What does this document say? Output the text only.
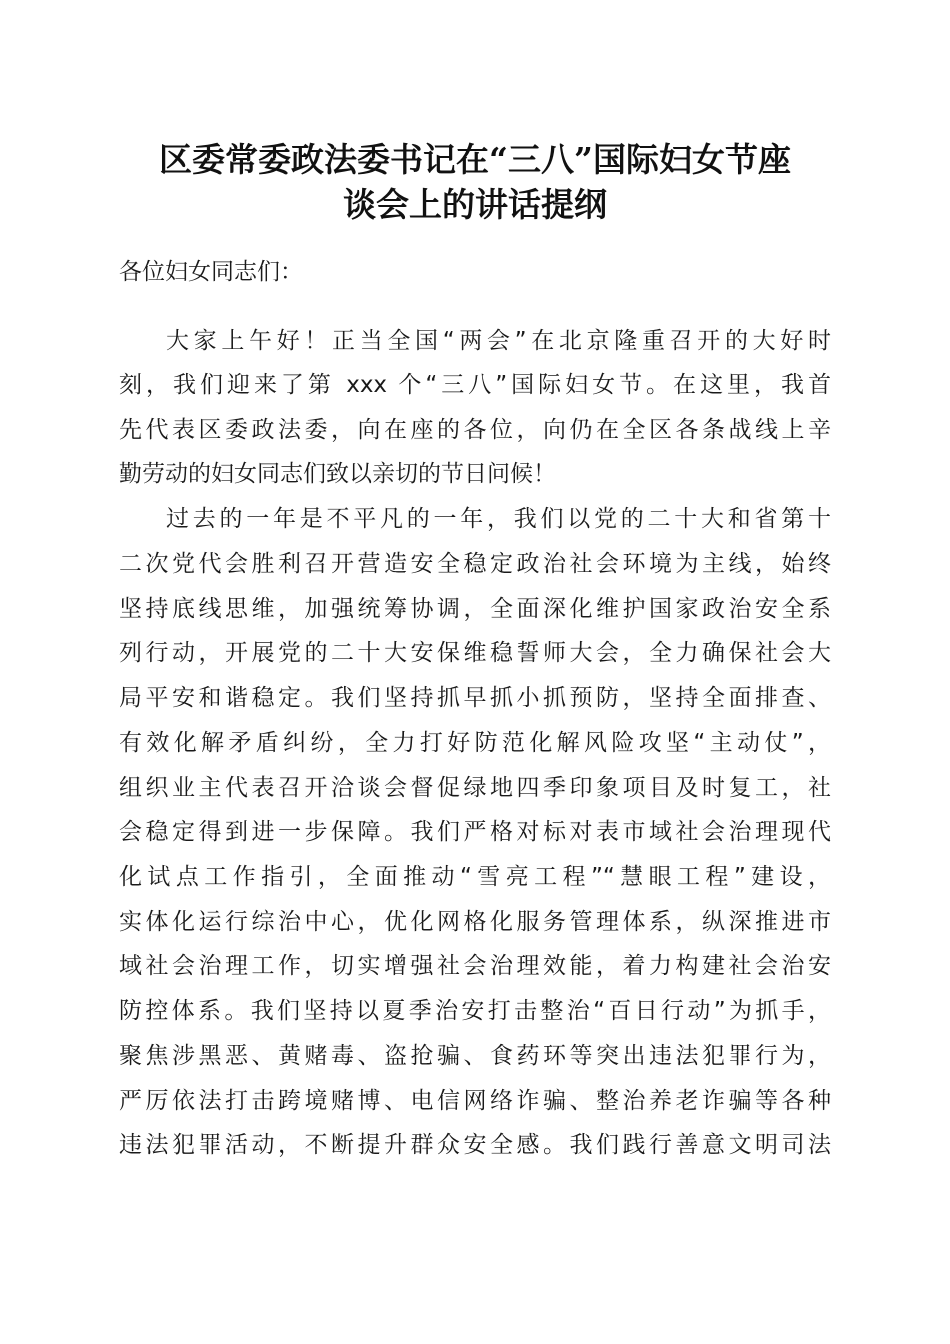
区委常委政法委书记在“三八”国际妇女节座
谈会上的讲话提纲
各位妇女同志们：
大家上午好！正当全国“两会”在北京隆重召开的大好时
刻，我们迎来了第 xxx 个“三八”国际妇女节。在这里，我首
先代表区委政法委，向在座的各位，向仍在全区各条战线上辛
勤劳动的妇女同志们致以亲切的节日问候！
过去的一年是不平凡的一年，我们以党的二十大和省第十
二次党代会胜利召开营造安全稳定政治社会环境为主线，始终
坚持底线思维，加强统筹协调，全面深化维护国家政治安全系
列行动，开展党的二十大安保维稳誓师大会，全力确保社会大
局平安和谐稳定。我们坚持抓早抓小抓预防，坚持全面排查、
有效化解矛盾纠纷，全力打好防范化解风险攻坚“主动仗”，
组织业主代表召开洽谈会督促绿地四季印象项目及时复工，社
会稳定得到进一步保障。我们严格对标对表市域社会治理现代
化试点工作指引，全面推动“雪亮工程”“慧眼工程”建设，
实体化运行综治中心，优化网格化服务管理体系，纵深推进市
域社会治理工作，切实增强社会治理效能，着力构建社会治安
防控体系。我们坚持以夏季治安打击整治“百日行动”为抓手，
聚焦涉黑恶、黄赌毒、盗抢骗、食药环等突出违法犯罪行为，
严厉依法打击跨境赌博、电信网络诈骗、整治养老诈骗等各种
违法犯罪活动，不断提升群众安全感。我们践行善意文明司法
